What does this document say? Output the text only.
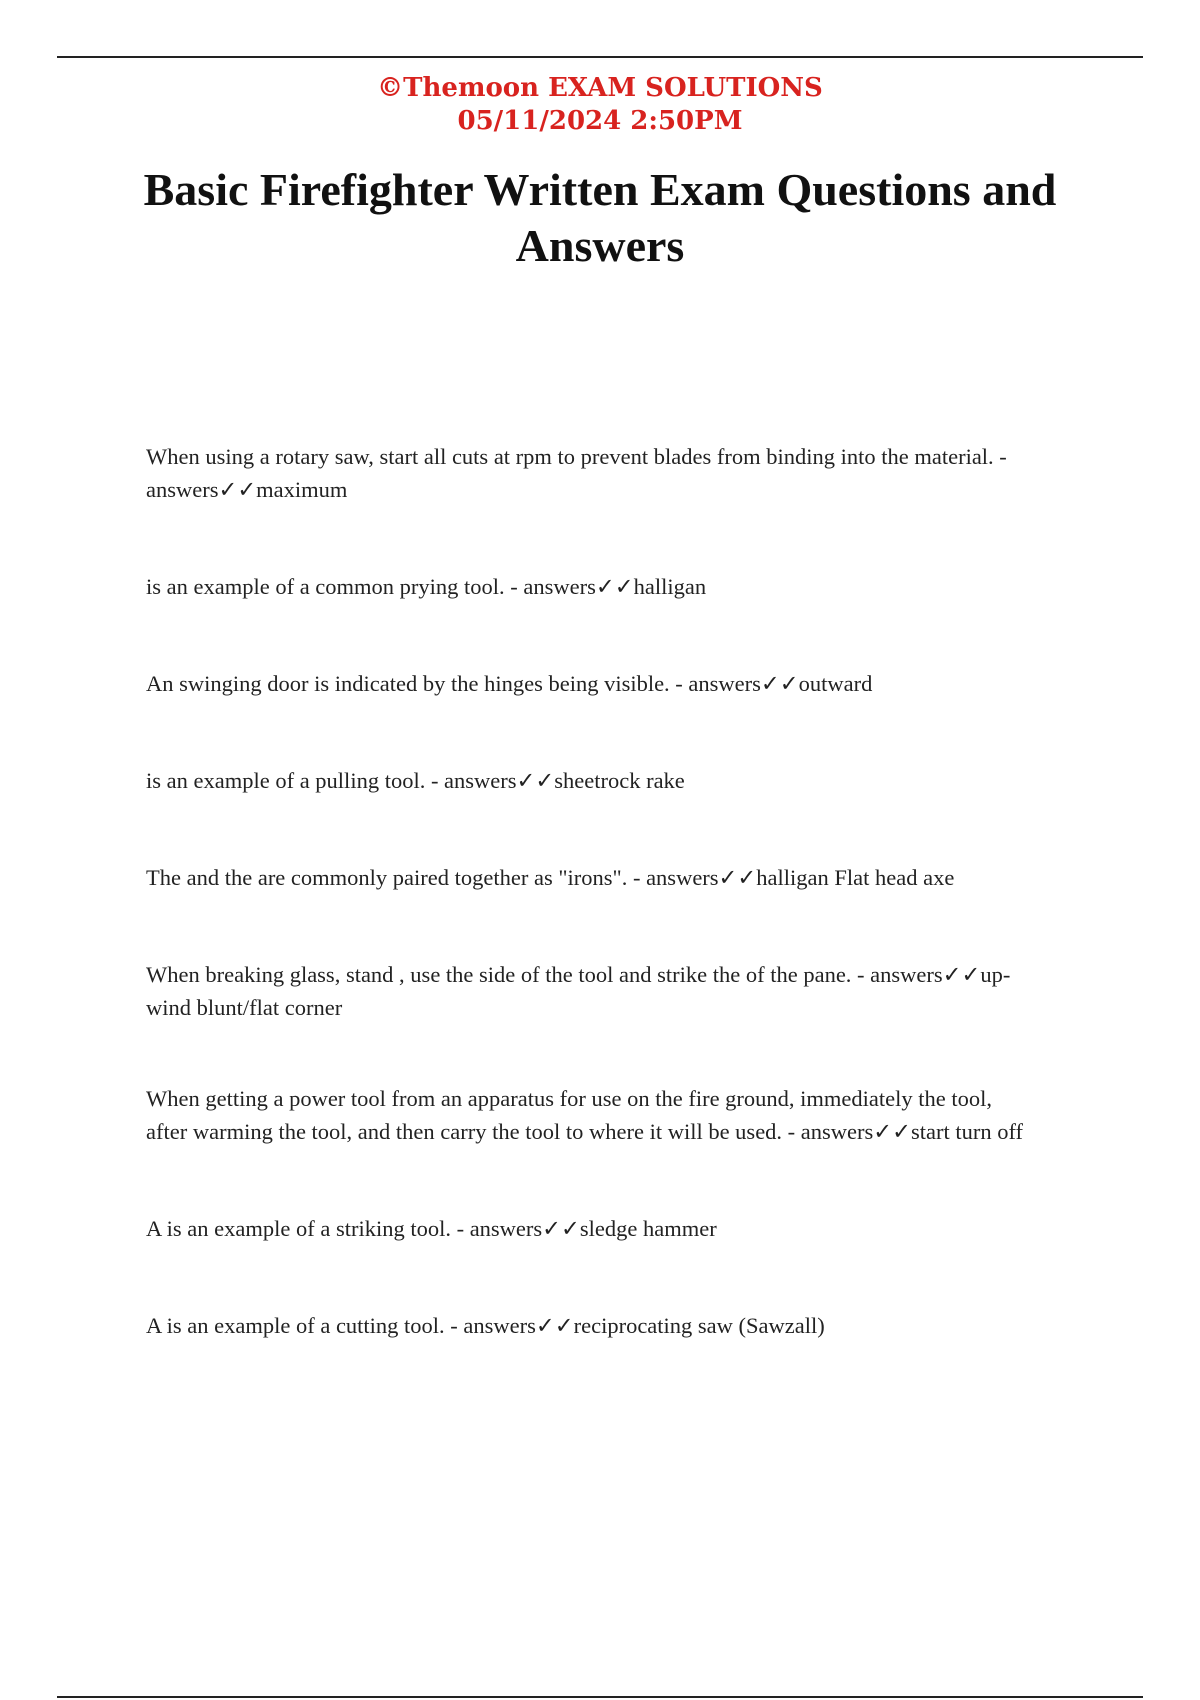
©Themoon EXAM SOLUTIONS
05/11/2024 2:50PM
Basic Firefighter Written Exam Questions and Answers
When using a rotary saw, start all cuts at rpm to prevent blades from binding into the material. -
answers✓✓maximum
is an example of a common prying tool. - answers✓✓halligan
An swinging door is indicated by the hinges being visible. - answers✓✓outward
is an example of a pulling tool. - answers✓✓sheetrock rake
The and the are commonly paired together as "irons". - answers✓✓halligan Flat head axe
When breaking glass, stand , use the side of the tool and strike the of the pane. - answers✓✓up-
wind blunt/flat corner
When getting a power tool from an apparatus for use on the fire ground, immediately the tool,
after warming the tool, and then carry the tool to where it will be used. - answers✓✓start turn off
A is an example of a striking tool. - answers✓✓sledge hammer
A is an example of a cutting tool. - answers✓✓reciprocating saw (Sawzall)
